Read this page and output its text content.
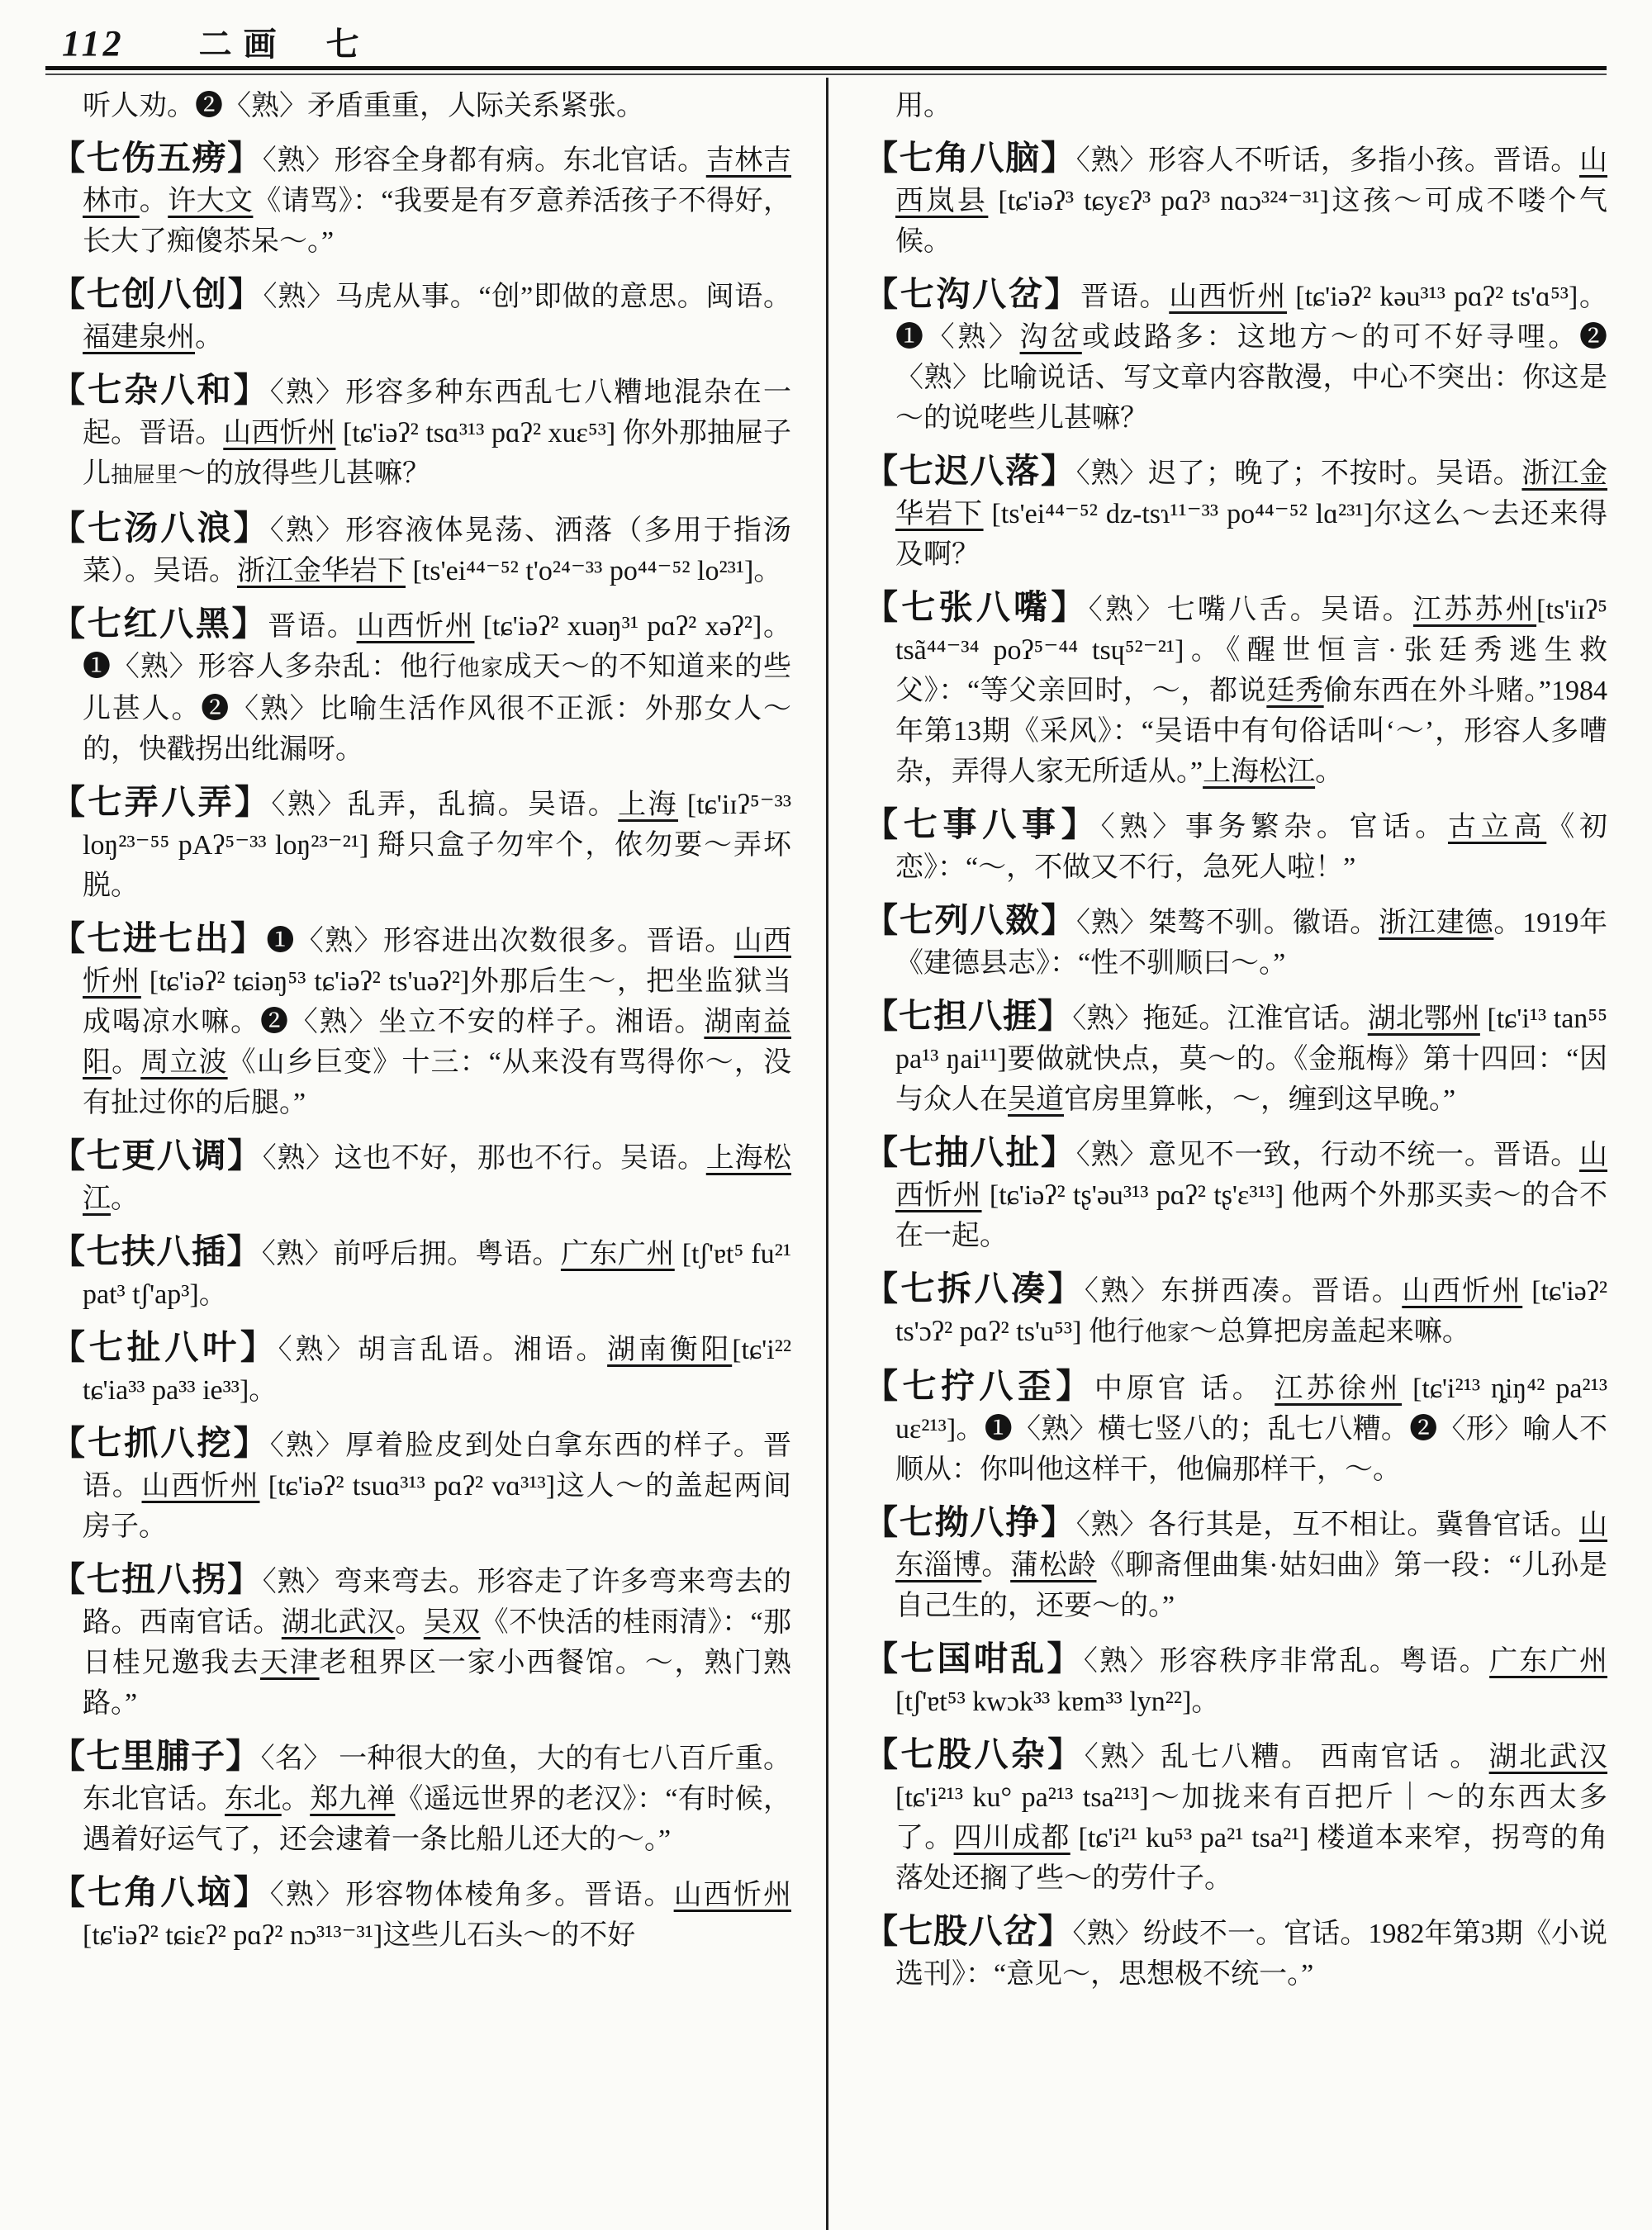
112 二画 七
听人劝。❷〈熟〉矛盾重重，人际关系紧张。
【七伤五痨】〈熟〉形容全身都有病。东北官话。吉林吉林市。许大文《请骂》：“我要是有歹意养活孩子不得好，长大了痴傻苶呆～。”
【七创八创】〈熟〉马虎从事。“创”即做的意思。闽语。福建泉州。
【七杂八和】〈熟〉形容多种东西乱七八糟地混杂在一起。晋语。山西忻州 [tɕ'iəʔ² tsɑ³¹³ pɑʔ² xuɛ⁵³] 你外那抽屉子儿抽屉里～的放得些儿甚嘛？
【七汤八浪】〈熟〉形容液体晃荡、洒落（多用于指汤菜）。吴语。浙江金华岩下 [ts'ei⁴⁴⁻⁵² t'o²⁴⁻³³ po⁴⁴⁻⁵² lo²³¹]。
【七红八黑】晋语。山西忻州 [tɕ'iəʔ² xuəŋ³¹ pɑʔ² xəʔ²]。❶〈熟〉形容人多杂乱：他行他家成天～的不知道来的些儿甚人。❷〈熟〉比喻生活作风很不正派：外那女人～的，快戳拐出纰漏呀。
【七弄八弄】〈熟〉乱弄，乱搞。吴语。上海 [tɕ'iɪʔ⁵⁻³³ loŋ²³⁻⁵⁵ pAʔ⁵⁻³³ loŋ²³⁻²¹] 搿只盒子勿牢个，侬勿要～弄坏脱。
【七进七出】❶〈熟〉形容进出次数很多。晋语。山西忻州 [tɕ'iəʔ² tɕiəŋ⁵³ tɕ'iəʔ² ts'uəʔ²]外那后生～，把坐监狱当成喝凉水嘛。❷〈熟〉坐立不安的样子。湘语。湖南益阳。周立波《山乡巨变》十三：“从来没有骂得你～，没有扯过你的后腿。”
【七更八调】〈熟〉这也不好，那也不行。吴语。上海松江。
【七扶八插】〈熟〉前呼后拥。粤语。广东广州 [tʃ'ɐt⁵ fu²¹ pat³ tʃ'ap³]。
【七扯八叶】〈熟〉胡言乱语。湘语。湖南衡阳[tɕ'i²² tɕ'ia³³ pa³³ ie³³]。
【七抓八挖】〈熟〉厚着脸皮到处白拿东西的样子。晋语。山西忻州 [tɕ'iəʔ² tsuɑ³¹³ pɑʔ² vɑ³¹³]这人～的盖起两间房子。
【七扭八拐】〈熟〉弯来弯去。形容走了许多弯来弯去的路。西南官话。湖北武汉。吴双《不快活的桂雨清》：“那日桂兄邀我去天津老租界区一家小西餐馆。～，熟门熟路。”
【七里脯子】〈名〉 一种很大的鱼，大的有七八百斤重。东北官话。东北。郑九禅《遥远世界的老汉》：“有时候，遇着好运气了，还会逮着一条比船儿还大的～。”
【七角八垴】〈熟〉形容物体棱角多。晋语。山西忻州 [tɕ'iəʔ² tɕiɛʔ² pɑʔ² nɔ³¹³⁻³¹]这些儿石头～的不好
用。
【七角八脑】〈熟〉形容人不听话，多指小孩。晋语。山西岚县 [tɕ'iəʔ³ tɕyɛʔ³ pɑʔ³ nɑɔ³²⁴⁻³¹]这孩～可成不喽个气候。
【七沟八岔】晋语。山西忻州 [tɕ'iəʔ² kəu³¹³ pɑʔ² ts'ɑ⁵³]。❶〈熟〉沟岔或歧路多：这地方～的可不好寻哩。❷〈熟〉比喻说话、写文章内容散漫，中心不突出：你这是～的说咾些儿甚嘛？
【七迟八落】〈熟〉迟了；晚了；不按时。吴语。浙江金华岩下 [ts'ei⁴⁴⁻⁵² dz-tsɿ¹¹⁻³³ po⁴⁴⁻⁵² lɑ²³¹]尔这么～去还来得及啊？
【七张八嘴】〈熟〉七嘴八舌。吴语。江苏苏州[ts'iɪʔ⁵ tsã⁴⁴⁻³⁴ poʔ⁵⁻⁴⁴ tsɥ⁵²⁻²¹]。《醒世恒言·张廷秀逃生救父》：“等父亲回时，～，都说廷秀偷东西在外斗赌。”1984年第13期《采风》：“吴语中有句俗话叫‘～’，形容人多嘈杂，弄得人家无所适从。”上海松江。
【七事八事】〈熟〉事务繁杂。官话。古立高《初恋》：“～，不做又不行，急死人啦！”
【七列八敪】〈熟〉桀骜不驯。徽语。浙江建德。1919年《建德县志》：“性不驯顺曰～。”
【七担八捱】〈熟〉拖延。江淮官话。湖北鄂州 [tɕ'i¹³ tan⁵⁵ pa¹³ ŋai¹¹]要做就快点，莫～的。《金瓶梅》第十四回：“因与众人在吴道官房里算帐，～，缠到这早晚。”
【七抽八扯】〈熟〉意见不一致，行动不统一。晋语。山西忻州 [tɕ'iəʔ² tʂ'əu³¹³ pɑʔ² tʂ'ɛ³¹³] 他两个外那买卖～的合不在一起。
【七拆八凑】〈熟〉东拼西凑。晋语。山西忻州 [tɕ'iəʔ² ts'ɔʔ² pɑʔ² ts'u⁵³] 他行他家～总算把房盖起来嘛。
【七拧八歪】中原官 话。 江苏徐州 [tɕ'i²¹³ ȵiŋ⁴² pa²¹³ uɛ²¹³]。❶〈熟〉横七竖八的；乱七八糟。❷〈形〉喻人不顺从：你叫他这样干，他偏那样干，～。
【七拗八挣】〈熟〉各行其是，互不相让。冀鲁官话。山东淄博。蒲松龄《聊斋俚曲集·姑妇曲》第一段：“儿孙是自己生的，还要～的。”
【七国咁乱】〈熟〉形容秩序非常乱。粤语。广东广州[tʃ'ɐt⁵³ kwɔk³³ kɐm³³ lyn²²]。
【七股八杂】〈熟〉乱七八糟。 西南官话 。 湖北武汉 [tɕ'i²¹³ ku° pa²¹³ tsa²¹³]～加拢来有百把斤｜～的东西太多了。四川成都 [tɕ'i²¹ ku⁵³ pa²¹ tsa²¹] 楼道本来窄，拐弯的角落处还搁了些～的劳什子。
【七股八岔】〈熟〉纷歧不一。官话。1982年第3期《小说选刊》：“意见～，思想极不统一。”
